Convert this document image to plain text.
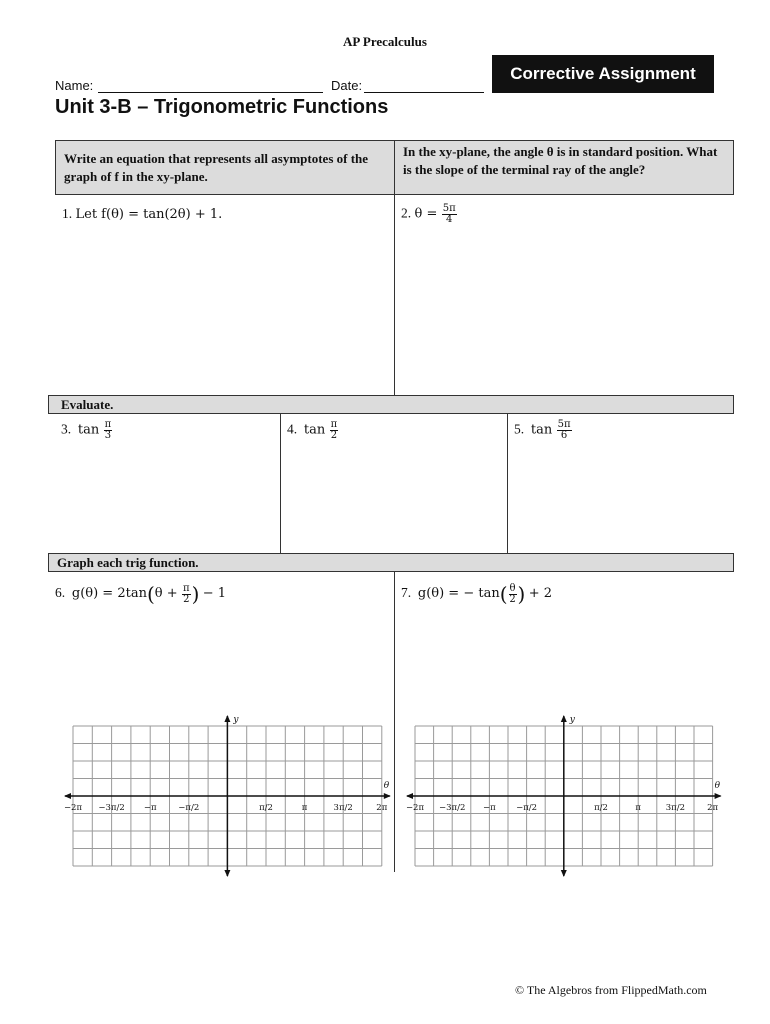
AP Precalculus
Name:	Date:
Corrective Assignment
Unit 3-B – Trigonometric Functions
Write an equation that represents all asymptotes of the graph of f in the xy-plane.
In the xy-plane, the angle θ is in standard position. What is the slope of the terminal ray of the angle?
1. Let f(θ) = tan(2θ) + 1.	2. $\theta = \frac{5\pi}{4}$
Evaluate.
3. $\tan \frac{\pi}{3}$	4. $\tan \frac{\pi}{2}$	5. $\tan \frac{5\pi}{6}$
Graph each trig function.
6. $g(\theta) = 2\tan(\theta + \frac{\pi}{2}$ ) − 1	7. g(θ) = − $\tan( \frac{\theta}{2}$ ) + 2
y
θ
−2π −3π/2 −π	−π/2	π/2	π	3π/2	2π
y
θ
−2π −3π/2 −π −π/2	π/2	π	3π/2	2π
© The Algebros from FlippedMath.com
